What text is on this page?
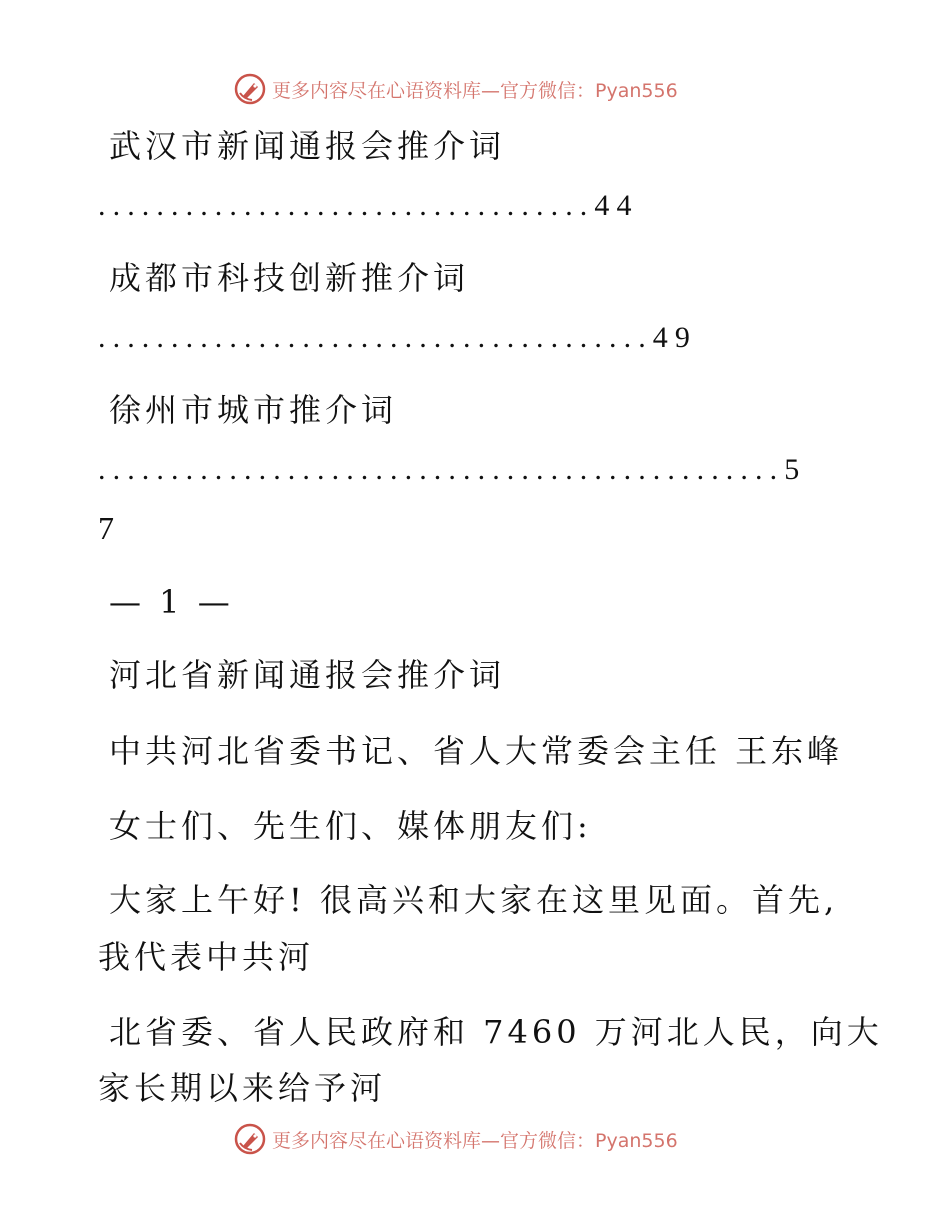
更多内容尽在心语资料库—官方微信：Pyan556
武汉市新闻通报会推介词
..................................44
成都市科技创新推介词
......................................49
徐州市城市推介词
...............................................5
7
— 1 —
河北省新闻通报会推介词
中共河北省委书记、省人大常委会主任 王东峰
女士们、先生们、媒体朋友们:
大家上午好! 很高兴和大家在这里见面。首先,
我代表中共河
北省委、省人民政府和 7460 万河北人民，向大
家长期以来给予河
更多内容尽在心语资料库—官方微信：Pyan556
